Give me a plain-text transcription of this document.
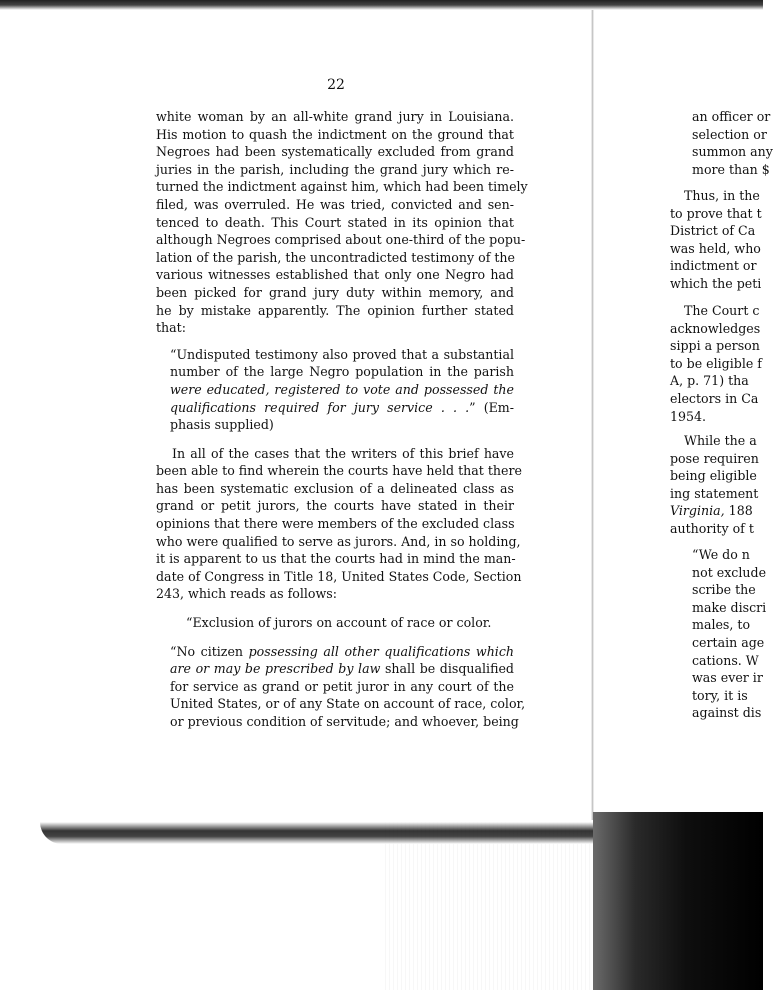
22

white woman by an all-white grand jury in Louisiana.
His motion to quash the indictment on the ground that
Negroes had been systematically excluded from grand
juries in the parish, including the grand jury which re-
turned the indictment against him, which had been timely
filed, was overruled. He was tried, convicted and sen-
tenced to death. This Court stated in its opinion that
although Negroes comprised about one-third of the popu-
lation of the parish, the uncontradicted testimony of the
various witnesses established that only one Negro had
been picked for grand jury duty within memory, and
he by mistake apparently. The opinion further stated
that:

“Undisputed testimony also proved that a substantial
number of the large Negro population in the parish
were educated, registered to vote and possessed the
qualifications required for jury service . . .” (Em-
phasis supplied)

In all of the cases that the writers of this brief have
been able to find wherein the courts have held that there
has been systematic exclusion of a delineated class as
grand or petit jurors, the courts have stated in their
opinions that there were members of the excluded class
who were qualified to serve as jurors. And, in so holding,
it is apparent to us that the courts had in mind the man-
date of Congress in Title 18, United States Code, Section
243, which reads as follows:

“Exclusion of jurors on account of race or color.

“No citizen possessing all other qualifications which
are or may be prescribed by law shall be disqualified
for service as grand or petit juror in any court of the
United States, or of any State on account of race, color,
or previous condition of servitude; and whoever, being

an officer or
selection or
summon any
more than $
Thus, in the
to prove that t
District of Ca
was held, who
indictment or
which the peti
The Court c
acknowledges
sippi a person
to be eligible f
A, p. 71) tha
electors in Ca
1954.
While the a
pose requiren
being eligible
ing statement
Virginia, 188
authority of t
“We do n
not exclude
scribe the
make discri
males, to
certain age
cations. W
was ever ir
tory, it is
against dis
